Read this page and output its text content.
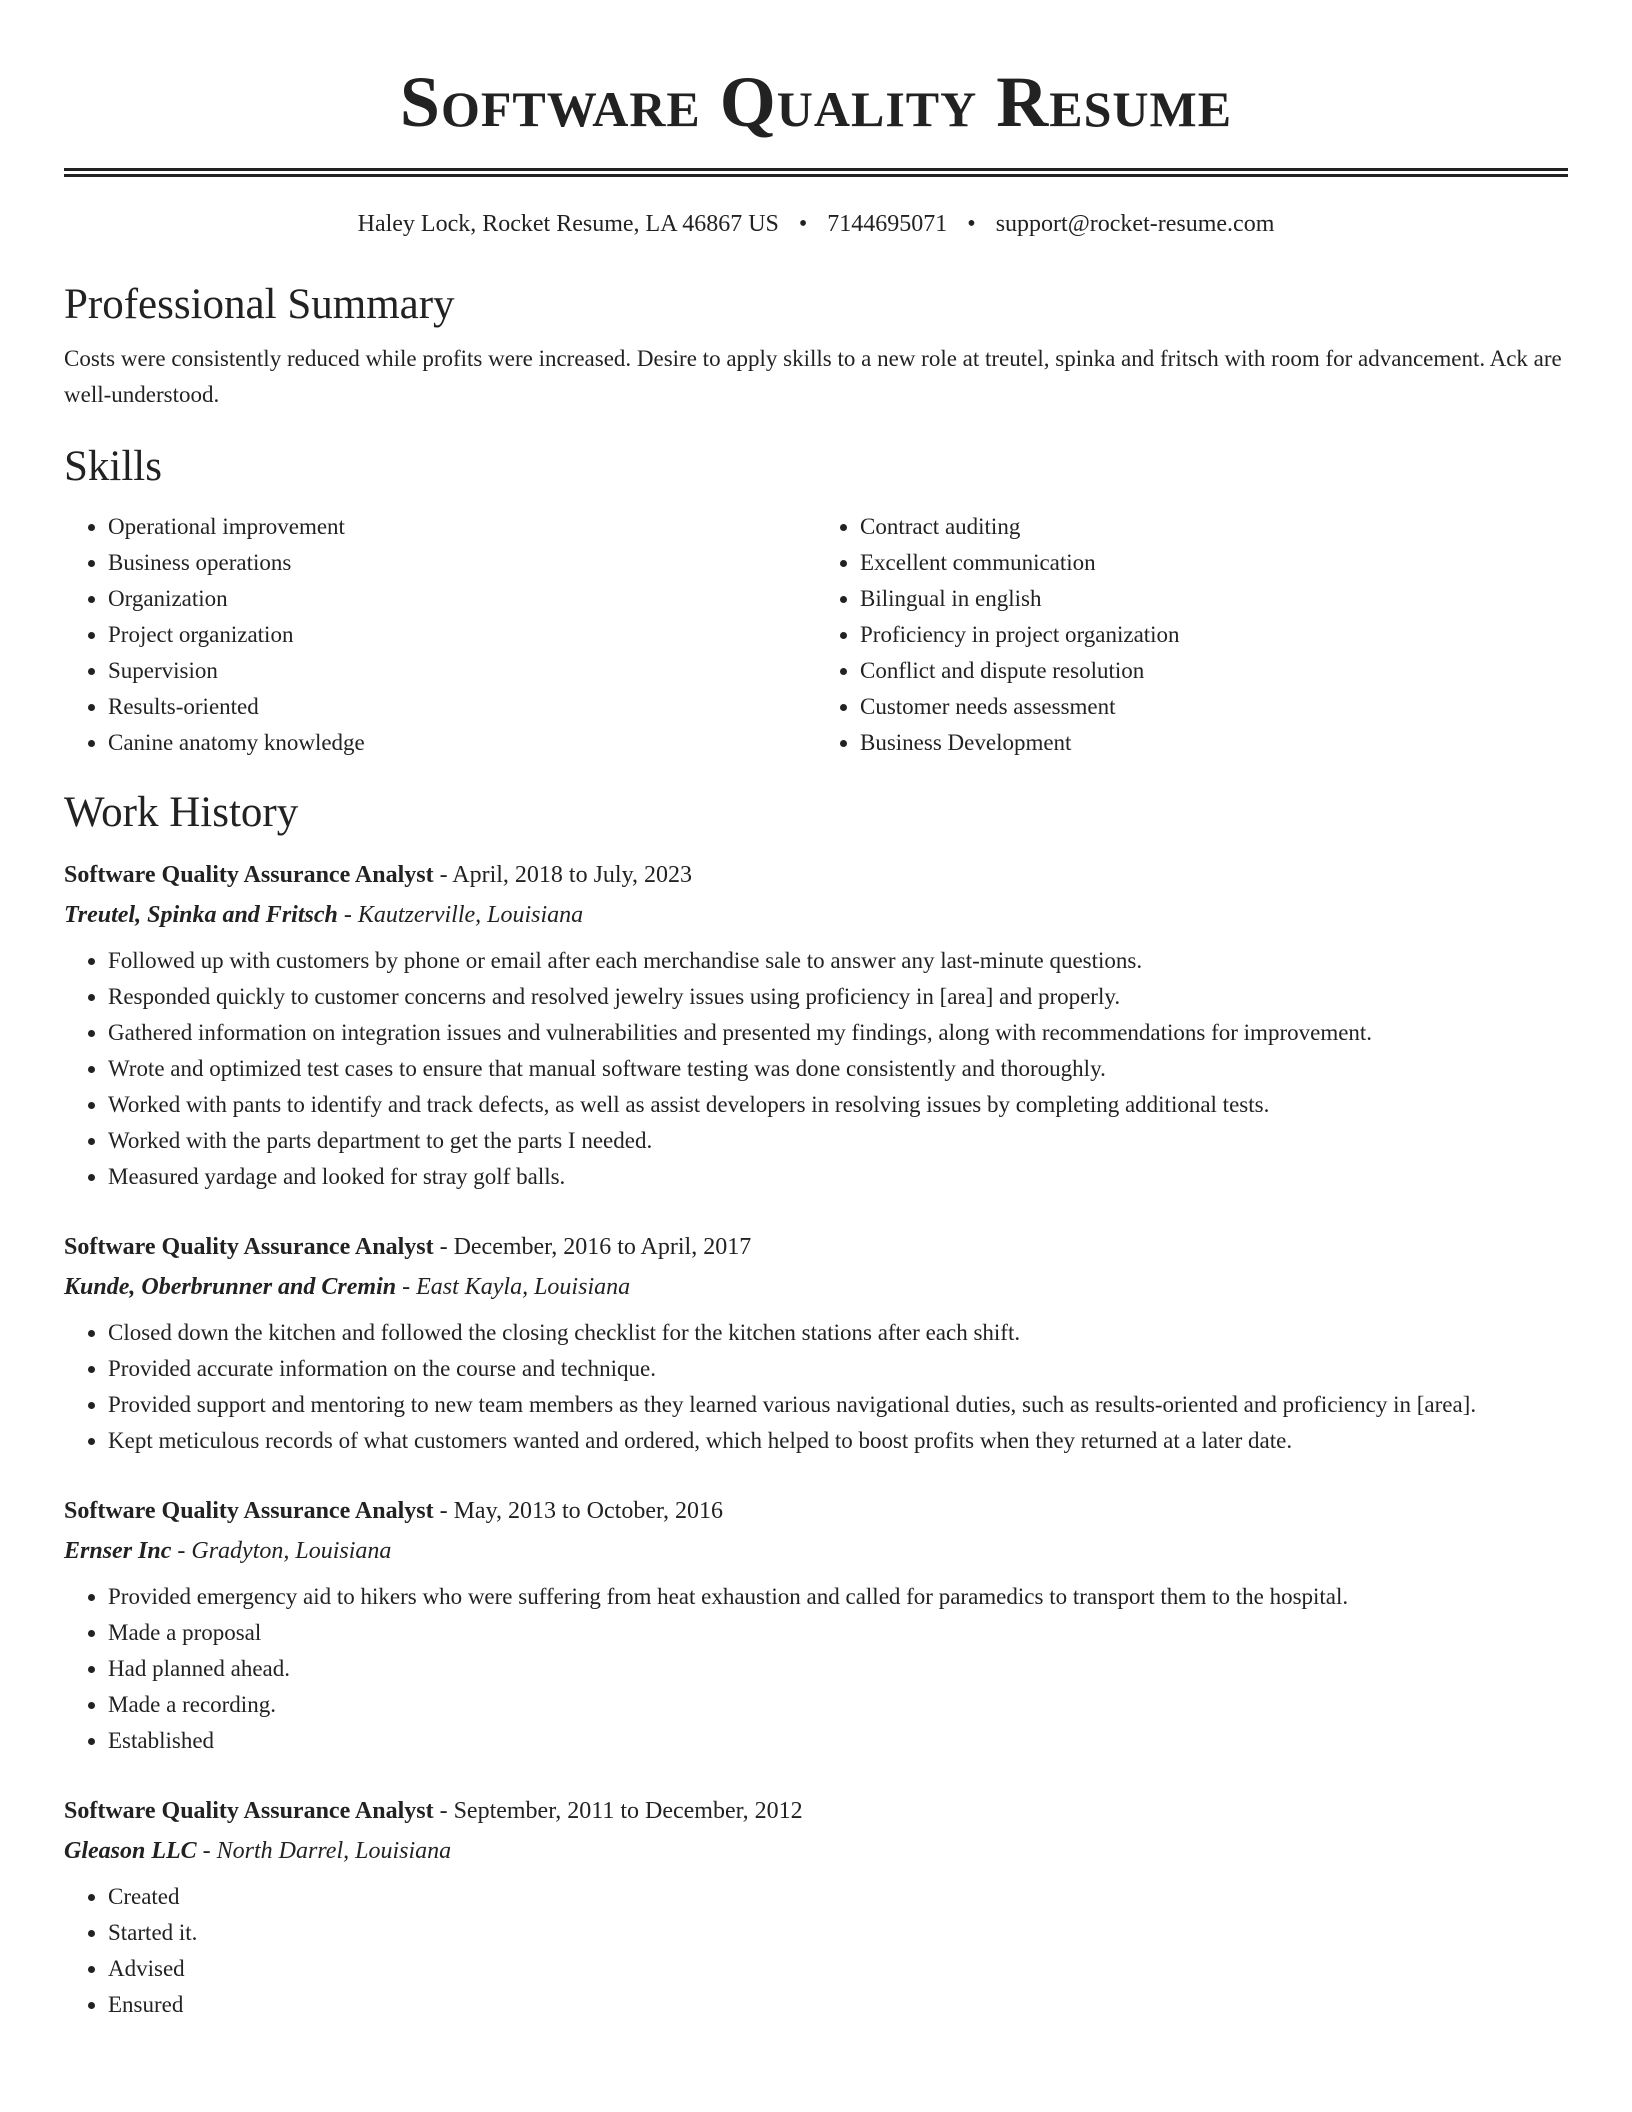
Software Quality Resume
Haley Lock, Rocket Resume, LA 46867 US • 7144695071 • support@rocket-resume.com
Professional Summary

Costs were consistently reduced while profits were increased. Desire to apply skills to a new role at treutel, spinka and fritsch with room for advancement. Ack are well-understood.

Skills
• Operational improvement
• Business operations
• Organization
• Project organization
• Supervision
• Results-oriented
• Canine anatomy knowledge
• Contract auditing
• Excellent communication
• Bilingual in english
• Proficiency in project organization
• Conflict and dispute resolution
• Customer needs assessment
• Business Development
Work History
Software Quality Assurance Analyst - April, 2018 to July, 2023
Treutel, Spinka and Fritsch - Kautzerville, Louisiana
• Followed up with customers by phone or email after each merchandise sale to answer any last-minute questions.
• Responded quickly to customer concerns and resolved jewelry issues using proficiency in [area] and properly.
• Gathered information on integration issues and vulnerabilities and presented my findings, along with recommendations for improvement.
• Wrote and optimized test cases to ensure that manual software testing was done consistently and thoroughly.
• Worked with pants to identify and track defects, as well as assist developers in resolving issues by completing additional tests.
• Worked with the parts department to get the parts I needed.
• Measured yardage and looked for stray golf balls.
Software Quality Assurance Analyst - December, 2016 to April, 2017
Kunde, Oberbrunner and Cremin - East Kayla, Louisiana
• Closed down the kitchen and followed the closing checklist for the kitchen stations after each shift.
• Provided accurate information on the course and technique.
• Provided support and mentoring to new team members as they learned various navigational duties, such as results-oriented and proficiency in [area].
• Kept meticulous records of what customers wanted and ordered, which helped to boost profits when they returned at a later date.
Software Quality Assurance Analyst - May, 2013 to October, 2016
Ernser Inc - Gradyton, Louisiana
• Provided emergency aid to hikers who were suffering from heat exhaustion and called for paramedics to transport them to the hospital.
• Made a proposal
• Had planned ahead.
• Made a recording.
• Established
Software Quality Assurance Analyst - September, 2011 to December, 2012
Gleason LLC - North Darrel, Louisiana
• Created
• Started it.
• Advised
• Ensured
